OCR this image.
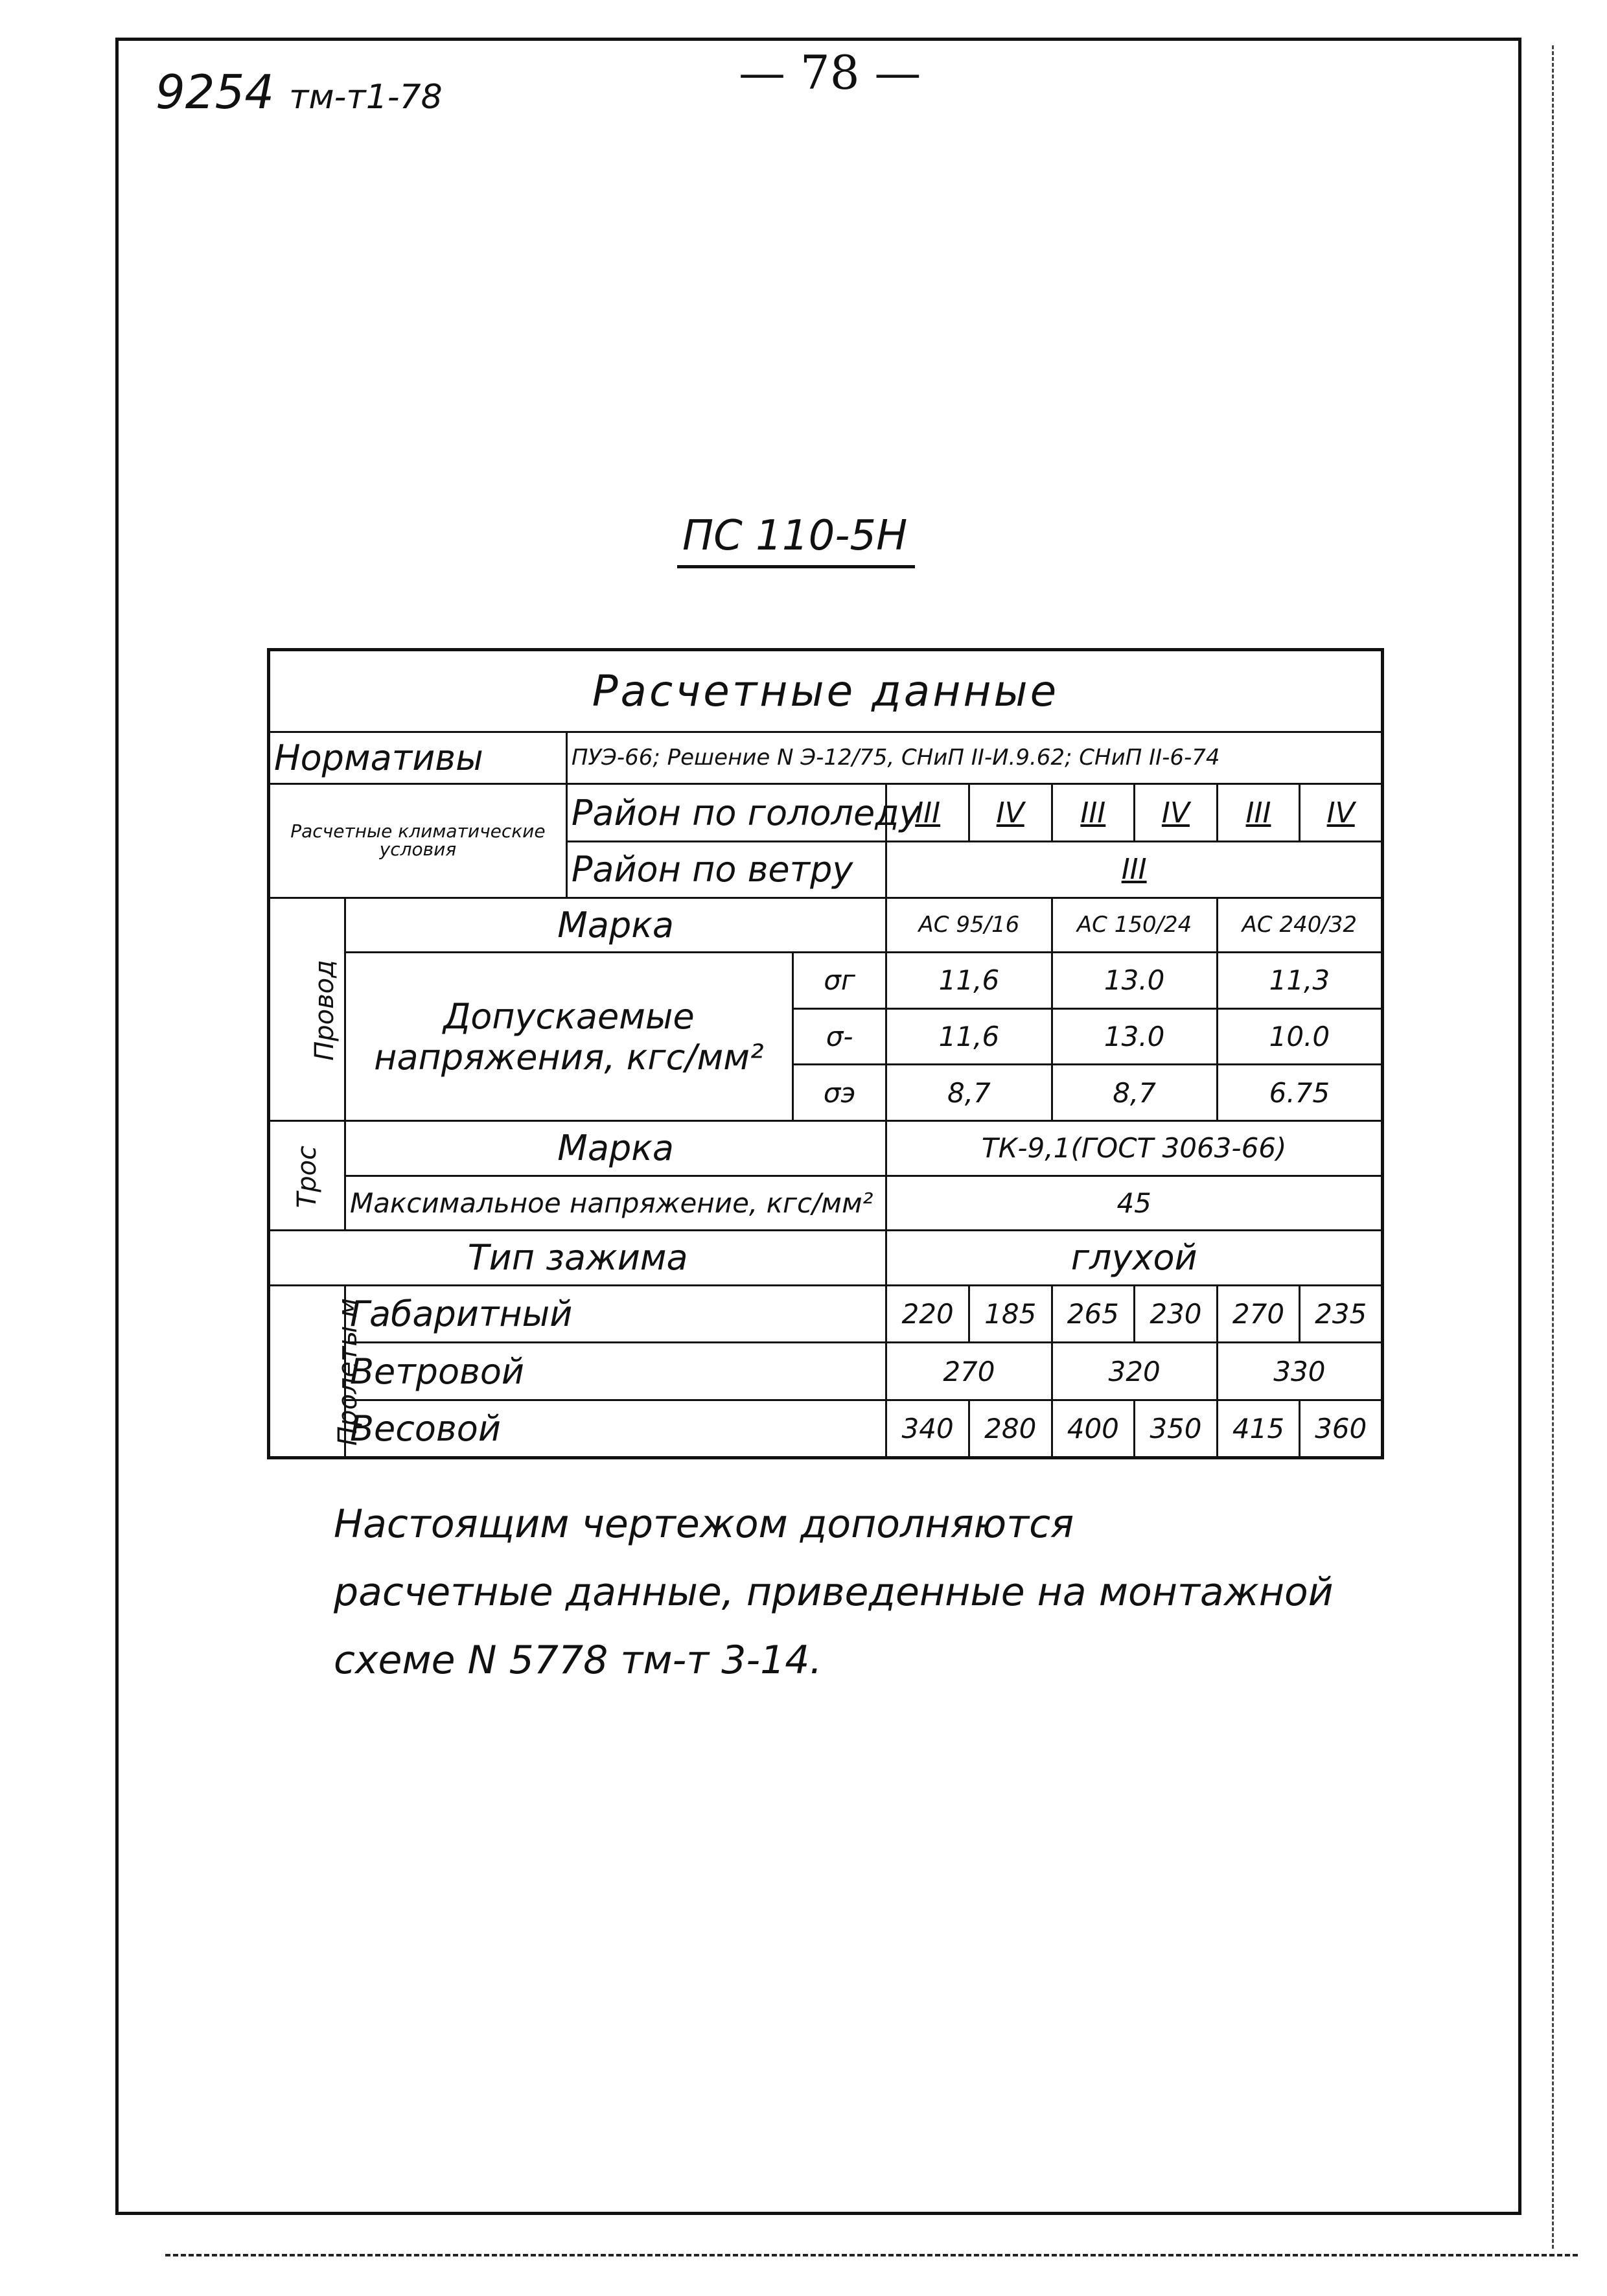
9254 тм-т1-78	— 78 —
ПС 110-5Н
Расчетные данные									
Нормативы		ПУЭ-66; Решение N Э-12/75, СНиП II-И.9.62; СНиП II-6-74							
Расчетные климатические условия		Район по гололеду		III	IV	III	IV	III	IV
		Район по ветру		III					
Провод	Марка			АС 95/16		АС 150/24		АС 240/32	

	Допускаемые
напряжения, кгс/мм²		σг	11,6		13.0		11,3	
			σ-	11,6		13.0		10.0	
			σэ	8,7		8,7		6.75	
Трос	Марка			ТК-9,1(ГОСТ 3063-66)					
	Максимальное напряжение, кгс/мм²			45					
Тип зажима				глухой					
Пролеты м	Габаритный			220	185	265	230	270	235
	Ветровой			270		320		330	
	Весовой			340	280	400	350	415	360
Настоящим чертежом дополняются
расчетные данные, приведенные на монтажной
схеме N 5778 тм-т 3-14.
